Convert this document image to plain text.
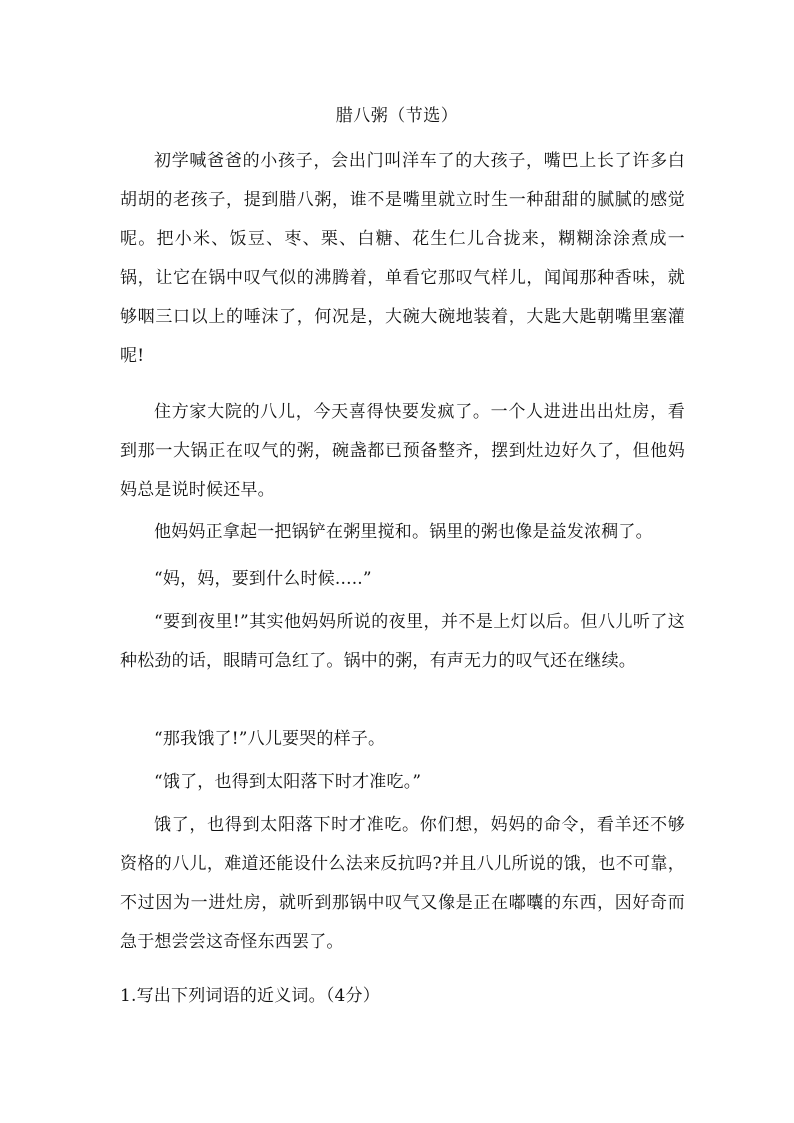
腊八粥（节选）

初学喊爸爸的小孩子，会出门叫洋车了的大孩子，嘴巴上长了许多白胡胡的老孩子，提到腊八粥，谁不是嘴里就立时生一种甜甜的腻腻的感觉呢。把小米、饭豆、枣、栗、白糖、花生仁儿合拢来，糊糊涂涂煮成一锅，让它在锅中叹气似的沸腾着，单看它那叹气样儿，闻闻那种香味，就够咽三口以上的唾沫了，何况是，大碗大碗地装着，大匙大匙朝嘴里塞灌呢!

住方家大院的八儿，今天喜得快要发疯了。一个人进进出出灶房，看到那一大锅正在叹气的粥，碗盏都已预备整齐，摆到灶边好久了，但他妈妈总是说时候还早。

他妈妈正拿起一把锅铲在粥里搅和。锅里的粥也像是益发浓稠了。

“妈，妈，要到什么时候.....”

“要到夜里!”其实他妈妈所说的夜里，并不是上灯以后。但八儿听了这种松劲的话，眼睛可急红了。锅中的粥，有声无力的叹气还在继续。

“那我饿了!”八儿要哭的样子。

“饿了，也得到太阳落下时才准吃。”

饿了，也得到太阳落下时才准吃。你们想，妈妈的命令，看羊还不够资格的八儿，难道还能设什么法来反抗吗?并且八儿所说的饿，也不可靠，不过因为一进灶房，就听到那锅中叹气又像是正在嘟囔的东西，因好奇而急于想尝尝这奇怪东西罢了。

1.写出下列词语的近义词。（4分）
